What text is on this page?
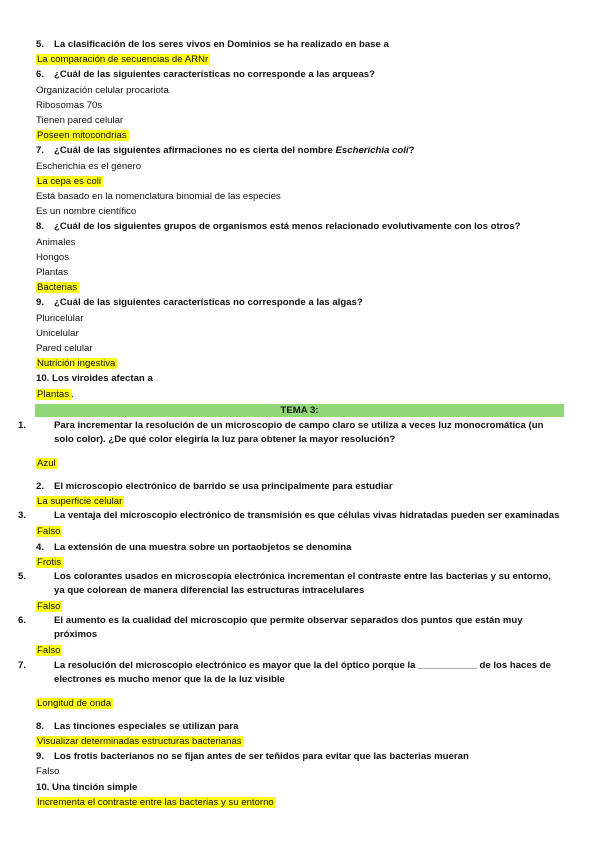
5. La clasificación de los seres vivos en Dominios se ha realizado en base a
La comparación de secuencias de ARNr
6. ¿Cuál de las siguientes características no corresponde a las arqueas?
Organización celular procariota
Ribosomas 70s
Tienen pared celular
Poseen mitocondrias
7. ¿Cuál de las siguientes afirmaciones no es cierta del nombre Escherichia coli?
Escherichia es el género
La cepa es coli
Está basado en la nomenclatura binomial de las especies
Es un nombre científico
8. ¿Cuál de los siguientes grupos de organismos está menos relacionado evolutivamente con los otros?
Animales
Hongos
Plantas
Bacterias
9. ¿Cuál de las siguientes características no corresponde a las algas?
Pluricelular
Unicelular
Pared celular
Nutrición ingestiva
10. Los viroides afectan a
Plantas .
TEMA 3:
1.	Para incrementar la resolución de un microscopio de campo claro se utiliza a veces luz monocromática (un solo color). ¿De qué color elegiría la luz para obtener la mayor resolución?
Azul
2. El microscopio electrónico de barrido se usa principalmente para estudiar
La superficie celular
3.	La ventaja del microscopio electrónico de transmisión es que células vivas hidratadas pueden ser examinadas
Falso
4. La extensión de una muestra sobre un portaobjetos se denomina
Frotis
5.	Los colorantes usados en microscopía electrónica incrementan el contraste entre las bacterias y su entorno, ya que colorean de manera diferencial las estructuras intracelulares
Falso
6.	El aumento es la cualidad del microscopio que permite observar separados dos puntos que están muy próximos
Falso
7.	La resolución del microscopio electrónico es mayor que la del óptico porque la ___________ de los haces de electrones es mucho menor que la de la luz visible
Longitud de onda
8. Las tinciones especiales se utilizan para
Visualizar determinadas estructuras bacterianas
9. Los frotis bacterianos no se fijan antes de ser teñidos para evitar que las bacterias mueran
Falso
10. Una tinción simple
Incrementa el contraste entre las bacterias y su entorno
